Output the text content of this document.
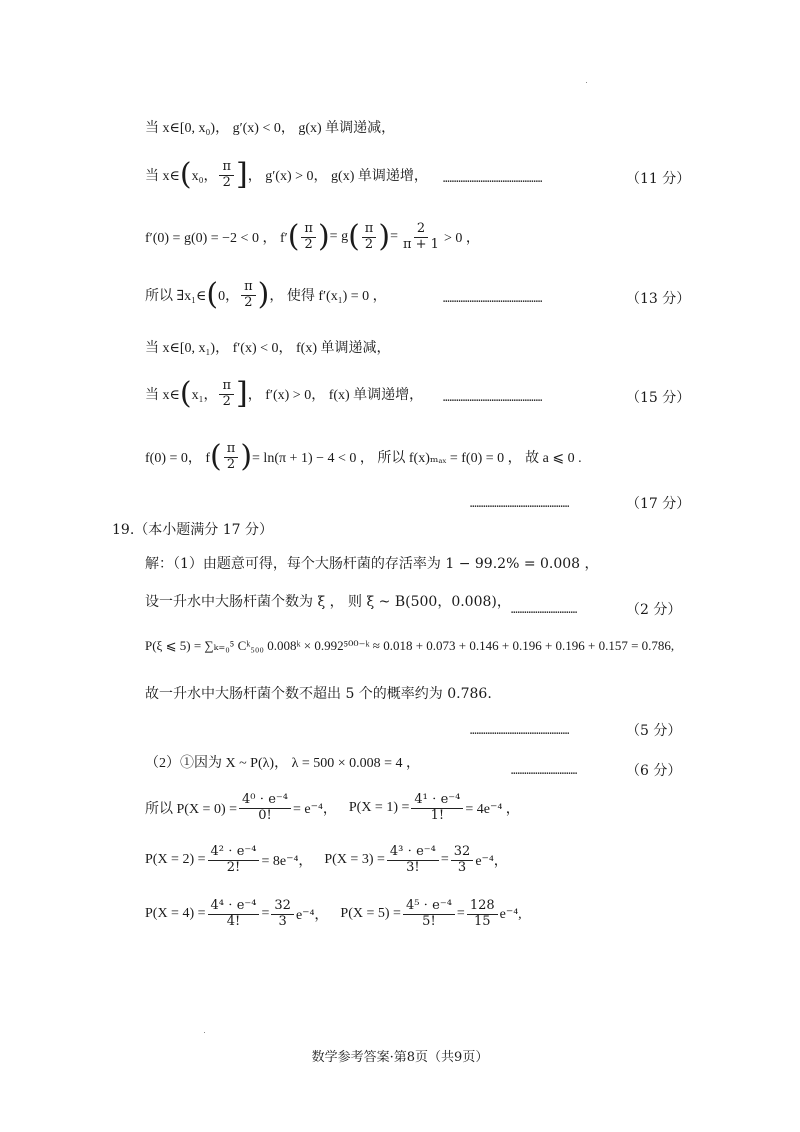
当 x∈[0, x₀)， g′(x) < 0， g(x) 单调递减，
当 x∈ ( x₀， $\frac{\pi}{2}$ ] ， g′(x) > 0， g(x) 单调递增， ………………………………………	（11 分）
f′(0) = g(0) = −2 < 0 ， f′ ( $\frac{\pi}{2}$ ) = g ( $\frac{\pi}{2}$ ) = $\frac{2}{\pi + 1} > 0$ ，
所以 ∃x₁∈ ( 0， $\frac{\pi}{2}$ ) ， 使得 f′(x₁) = 0 ，	………………………………………	（13 分）
当 x∈[0, x₁)， f′(x) < 0， f(x) 单调递减，
当 x∈ ( x₁， $\frac{\pi}{2}$ ] ， f′(x) > 0， f(x) 单调递增， ………………………………………	（15 分）
f(0) = 0， f ( $\frac{\pi}{2}$ ) = ln(π + 1) − 4 < 0 ， 所以 f(x)ₘₐₓ = f(0) = 0 ， 故 a ⩽ 0 .
………………………………………	（17 分）
19.（本小题满分 17 分）
解：（1）由题意可得，每个大肠杆菌的存活率为 1 − 99.2% = 0.008 ，
设一升水中大肠杆菌个数为 ξ ， 则 ξ ~ B(500，0.008)， …………………………	（2 分）
P(ξ ⩽ 5) = ∑ₖ₌₀⁵ Cᵏ₅₀₀ 0.008ᵏ × 0.992⁵⁰⁰⁻ᵏ ≈ 0.018 + 0.073 + 0.146 + 0.196 + 0.196 + 0.157 = 0.786,
故一升水中大肠杆菌个数不超出 5 个的概率约为 0.786.
………………………………………	（5 分）
（2）①因为 X ~ P(λ)， λ = 500 × 0.008 = 4 ，	…………………………	（6 分）
所以 $P(X = 0) = \frac{\text{4⁰ ⋅ e⁻⁴}}{0!} = e^{-4}$， $P(X = 1) = \frac{\text{4¹ ⋅ e⁻⁴}}{1!} = 4e^{-4}$ ，
$P(X = 2) = \frac{\text{4² ⋅ e⁻⁴}}{2!} = 8e^{-4}$， $P(X = 3) = \frac{\text{4³ ⋅ e⁻⁴}}{3!} = \frac{32}{3} e^{-4}$，
$P(X = 4) = \frac{\text{4⁴ ⋅ e⁻⁴}}{4!} = \frac{32}{3} e^{-4}$， $P(X = 5) = \frac{\text{4⁵ ⋅ e⁻⁴}}{5!} = \frac{128}{15} e^{-4}$,
数学参考答案·第8页（共9页）
